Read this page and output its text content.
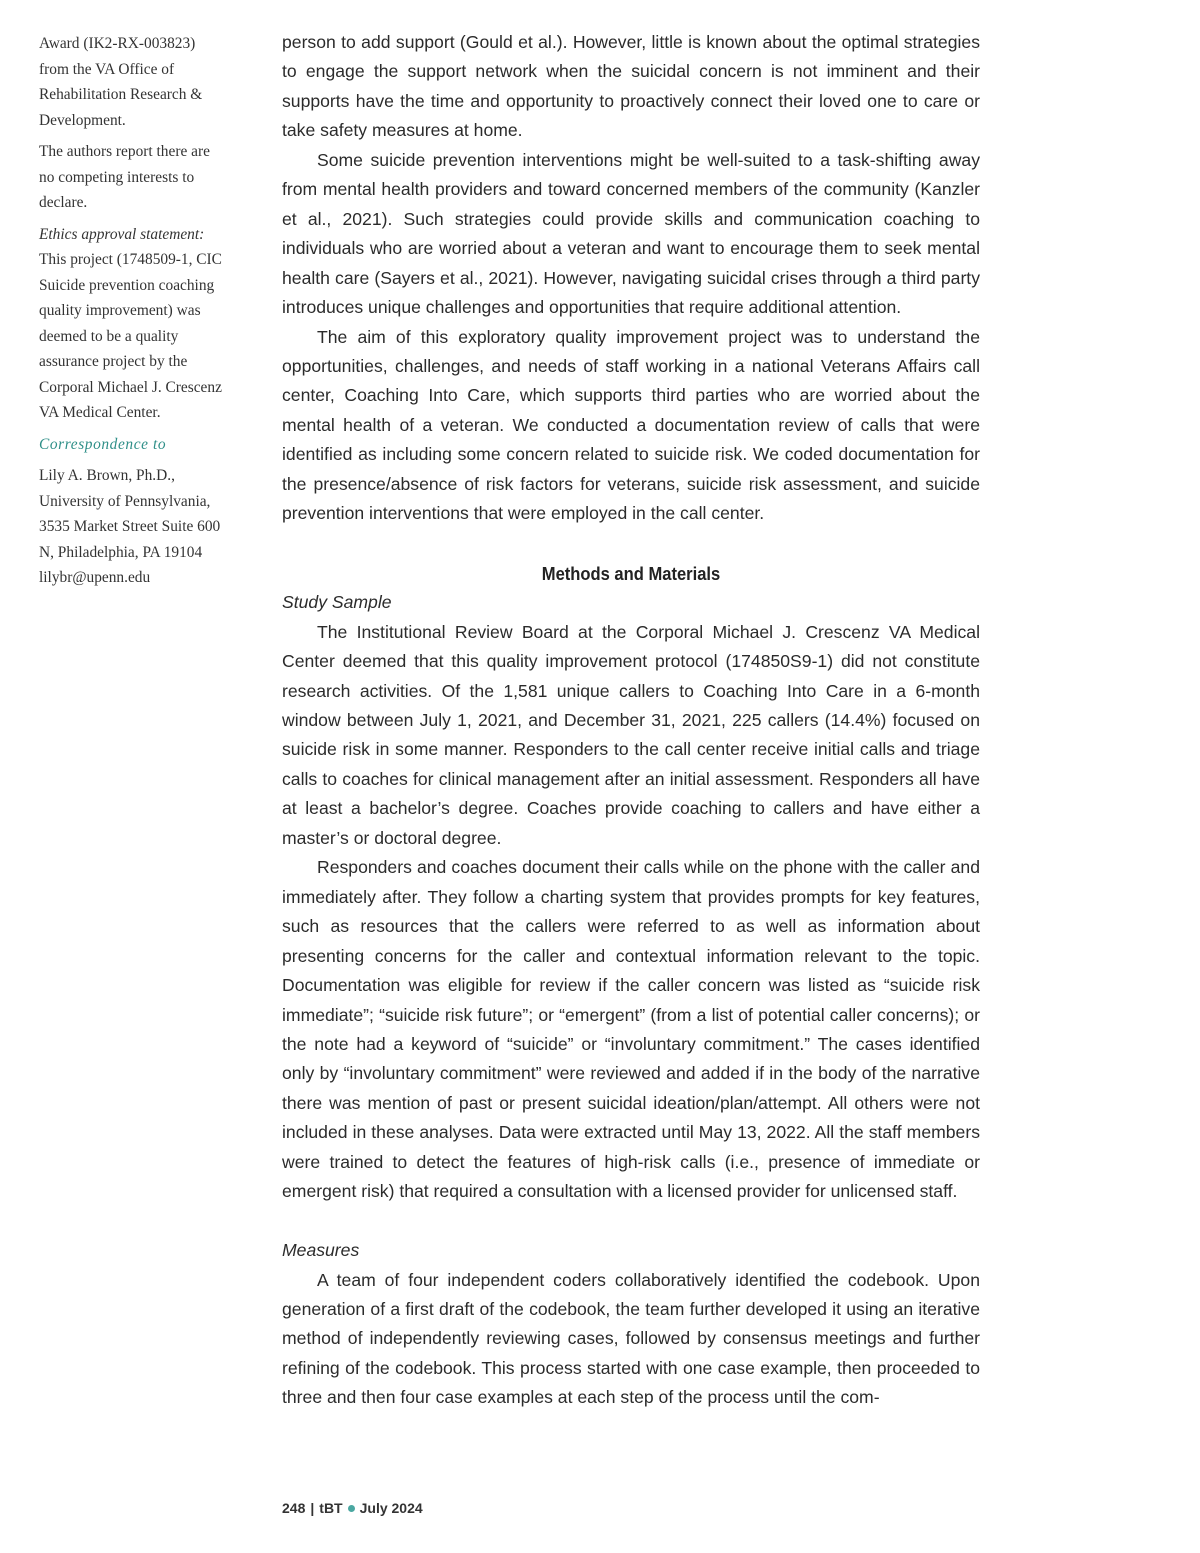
Award (IK2-RX-003823) from the VA Office of Rehabilitation Research & Development.

The authors report there are no competing interests to declare.

Ethics approval statement: This project (1748509-1, CIC Suicide prevention coaching quality improvement) was deemed to be a quality assurance project by the Corporal Michael J. Crescenz VA Medical Center.

Correspondence to

Lily A. Brown, Ph.D.,

University of Pennsylvania, 3535 Market Street Suite 600 N, Philadelphia, PA 19104

lilybr@upenn.edu

person to add support (Gould et al.). However, little is known about the optimal strategies to engage the support network when the suicidal concern is not imminent and their supports have the time and opportunity to proactively connect their loved one to care or take safety measures at home.

Some suicide prevention interventions might be well-suited to a task-shifting away from mental health providers and toward concerned members of the community (Kanzler et al., 2021). Such strategies could provide skills and communication coaching to individuals who are worried about a veteran and want to encourage them to seek mental health care (Sayers et al., 2021). However, navigating suicidal crises through a third party introduces unique challenges and opportunities that require additional attention.

The aim of this exploratory quality improvement project was to understand the opportunities, challenges, and needs of staff working in a national Veterans Affairs call center, Coaching Into Care, which supports third parties who are worried about the mental health of a veteran. We conducted a documentation review of calls that were identified as including some concern related to suicide risk. We coded documentation for the presence/absence of risk factors for veterans, suicide risk assessment, and suicide prevention interventions that were employed in the call center.

Methods and Materials

Study Sample

The Institutional Review Board at the Corporal Michael J. Crescenz VA Medical Center deemed that this quality improvement protocol (174850S9-1) did not constitute research activities. Of the 1,581 unique callers to Coaching Into Care in a 6-month window between July 1, 2021, and December 31, 2021, 225 callers (14.4%) focused on suicide risk in some manner. Responders to the call center receive initial calls and triage calls to coaches for clinical management after an initial assessment. Responders all have at least a bachelor’s degree. Coaches provide coaching to callers and have either a master’s or doctoral degree.

Responders and coaches document their calls while on the phone with the caller and immediately after. They follow a charting system that provides prompts for key features, such as resources that the callers were referred to as well as information about presenting concerns for the caller and contextual information relevant to the topic. Documentation was eligible for review if the caller concern was listed as “suicide risk immediate”; “suicide risk future”; or “emergent” (from a list of potential caller concerns); or the note had a keyword of “suicide” or “involuntary commitment.” The cases identified only by “involuntary commitment” were reviewed and added if in the body of the narrative there was mention of past or present suicidal ideation/plan/attempt. All others were not included in these analyses. Data were extracted until May 13, 2022. All the staff members were trained to detect the features of high-risk calls (i.e., presence of immediate or emergent risk) that required a consultation with a licensed provider for unlicensed staff.

Measures

A team of four independent coders collaboratively identified the codebook. Upon generation of a first draft of the codebook, the team further developed it using an iterative method of independently reviewing cases, followed by consensus meetings and further refining of the codebook. This process started with one case example, then proceeded to three and then four case examples at each step of the process until the com-

248 | tBT July 2024
